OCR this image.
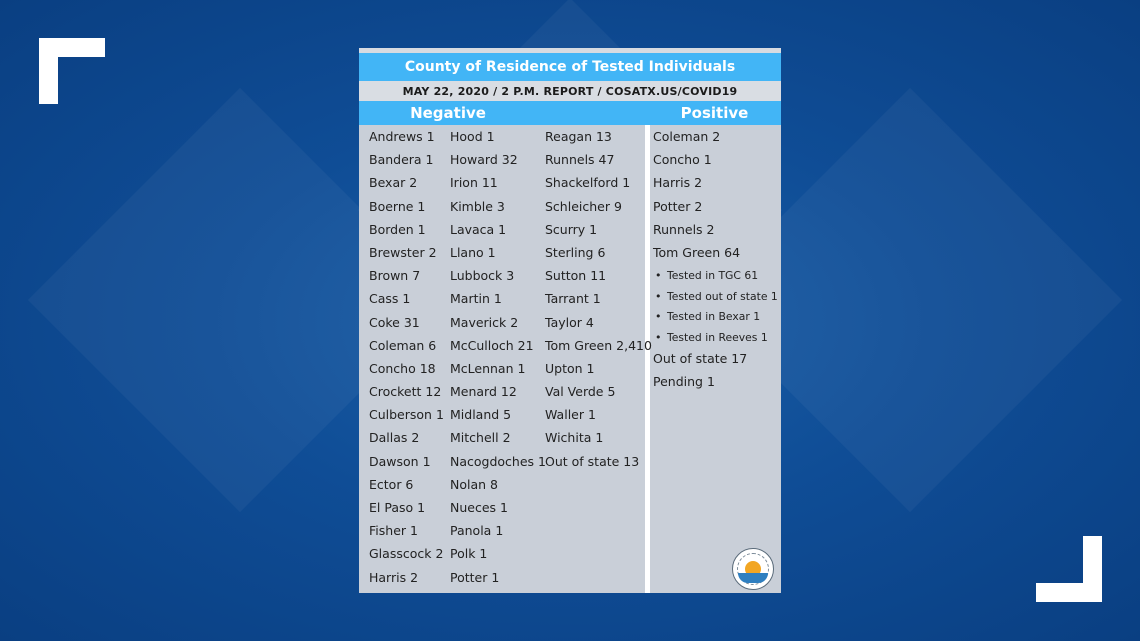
County of Residence of Tested Individuals
MAY 22, 2020 / 2 P.M. REPORT / COSATX.US/COVID19
Negative	Positive
Andrews 1
Bandera 1
Bexar 2
Boerne 1
Borden 1
Brewster 2
Brown 7
Cass 1
Coke 31
Coleman 6
Concho 18
Crockett 12
Culberson 1
Dallas 2
Dawson 1
Ector 6
El Paso 1
Fisher 1
Glasscock 2
Harris 2
Hood 1
Howard 32
Irion 11
Kimble 3
Lavaca 1
Llano 1
Lubbock 3
Martin 1
Maverick 2
McCulloch 21
McLennan 1
Menard 12
Midland 5
Mitchell 2
Nacogdoches 1
Nolan 8
Nueces 1
Panola 1
Polk 1
Potter 1
Reagan 13
Runnels 47
Shackelford 1
Schleicher 9
Scurry 1
Sterling 6
Sutton 11
Tarrant 1
Taylor 4
Tom Green 2,410
Upton 1
Val Verde 5
Waller 1
Wichita 1
Out of state 13
Coleman 2
Concho 1
Harris 2
Potter 2
Runnels 2
Tom Green 64
• Tested in TGC 61
• Tested out of state 1
• Tested in Bexar 1
• Tested in Reeves 1
Out of state 17
Pending 1
